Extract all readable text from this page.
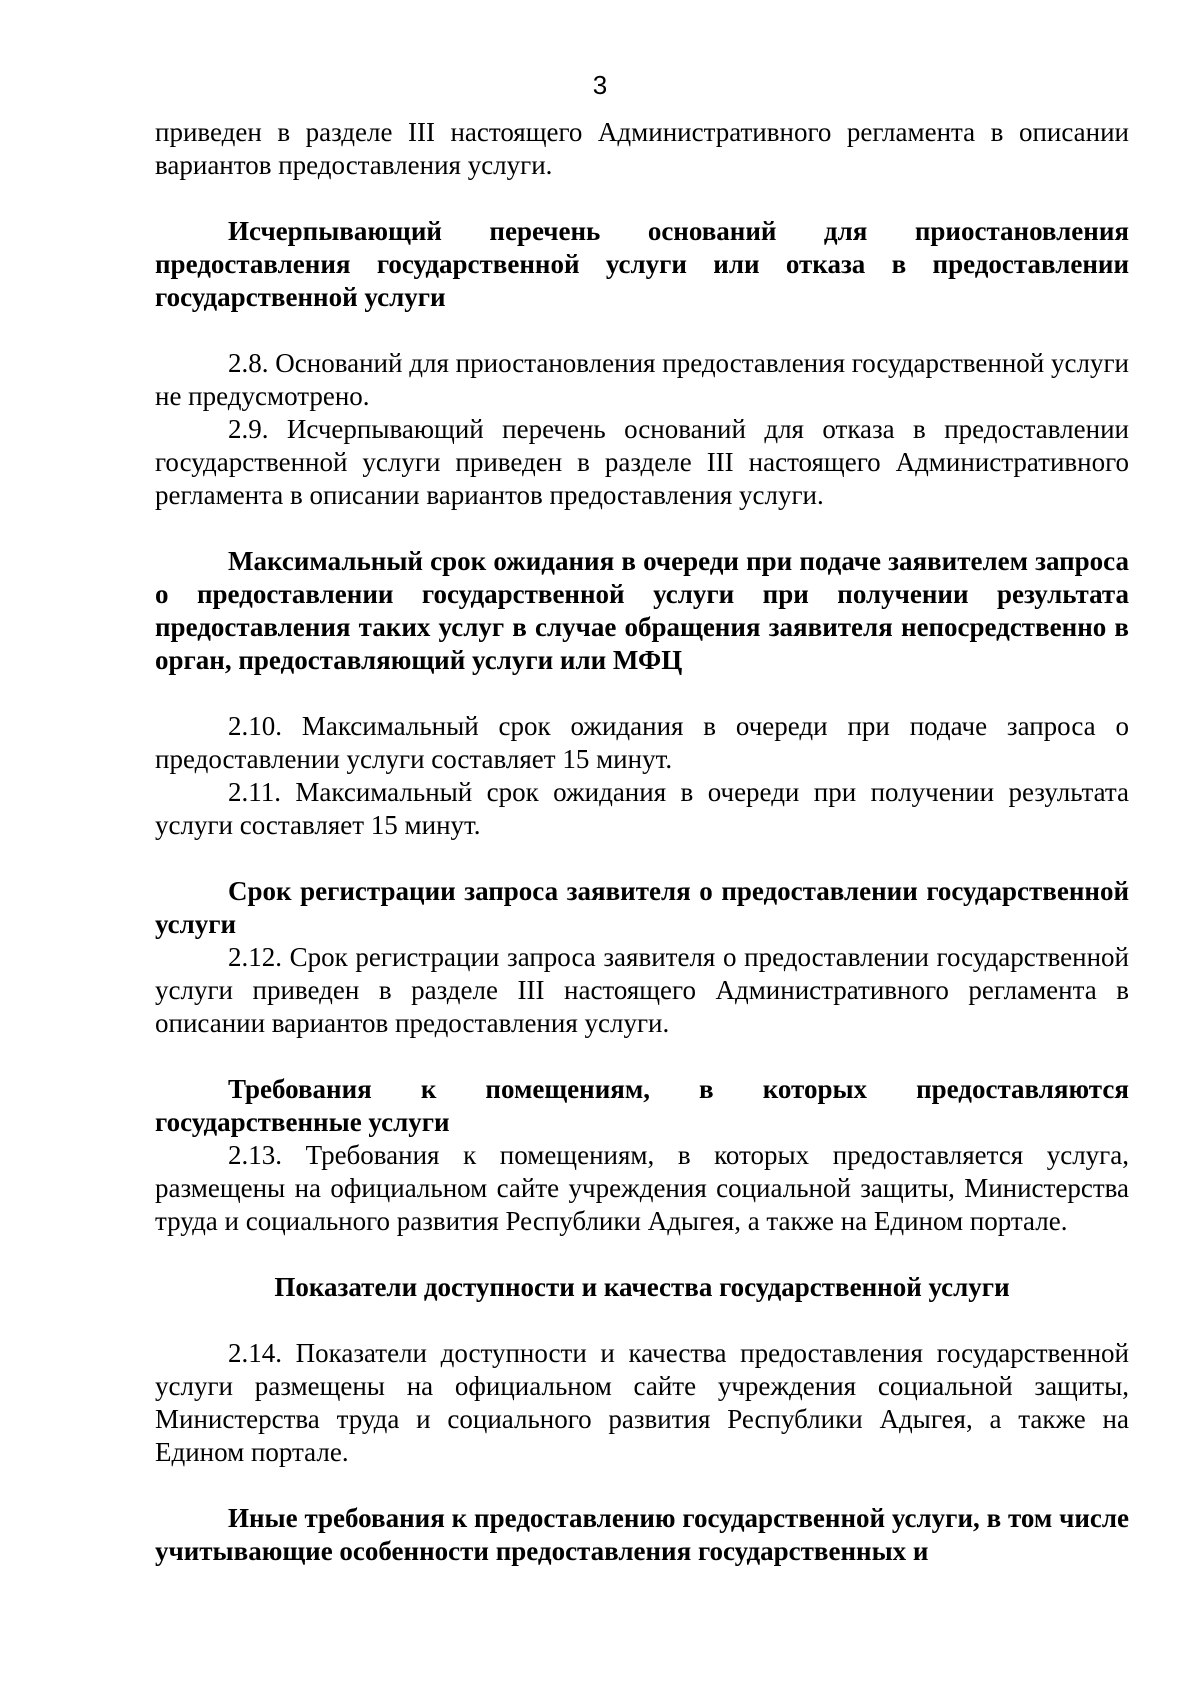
3

приведен в разделе III настоящего Административного регламента в описании вариантов предоставления услуги.

Исчерпывающий перечень оснований для приостановления предоставления государственной услуги или отказа в предоставлении государственной услуги

2.8. Оснований для приостановления предоставления государственной услуги не предусмотрено.

2.9. Исчерпывающий перечень оснований для отказа в предоставлении государственной услуги приведен в разделе III настоящего Административного регламента в описании вариантов предоставления услуги.

Максимальный срок ожидания в очереди при подаче заявителем запроса о предоставлении государственной услуги при получении результата предоставления таких услуг в случае обращения заявителя непосредственно в орган, предоставляющий услуги или МФЦ

2.10. Максимальный срок ожидания в очереди при подаче запроса о предоставлении услуги составляет 15 минут.

2.11. Максимальный срок ожидания в очереди при получении результата услуги составляет 15 минут.

Срок регистрации запроса заявителя о предоставлении государственной услуги

2.12. Срок регистрации запроса заявителя о предоставлении государственной услуги приведен в разделе III настоящего Административного регламента в описании вариантов предоставления услуги.

Требования к помещениям, в которых предоставляются государственные услуги

2.13. Требования к помещениям, в которых предоставляется услуга, размещены на официальном сайте учреждения социальной защиты, Министерства труда и социального развития Республики Адыгея, а также на Едином портале.

Показатели доступности и качества государственной услуги

2.14. Показатели доступности и качества предоставления государственной услуги размещены на официальном сайте учреждения социальной защиты, Министерства труда и социального развития Республики Адыгея, а также на Едином портале.

Иные требования к предоставлению государственной услуги, в том числе учитывающие особенности предоставления государственных и
